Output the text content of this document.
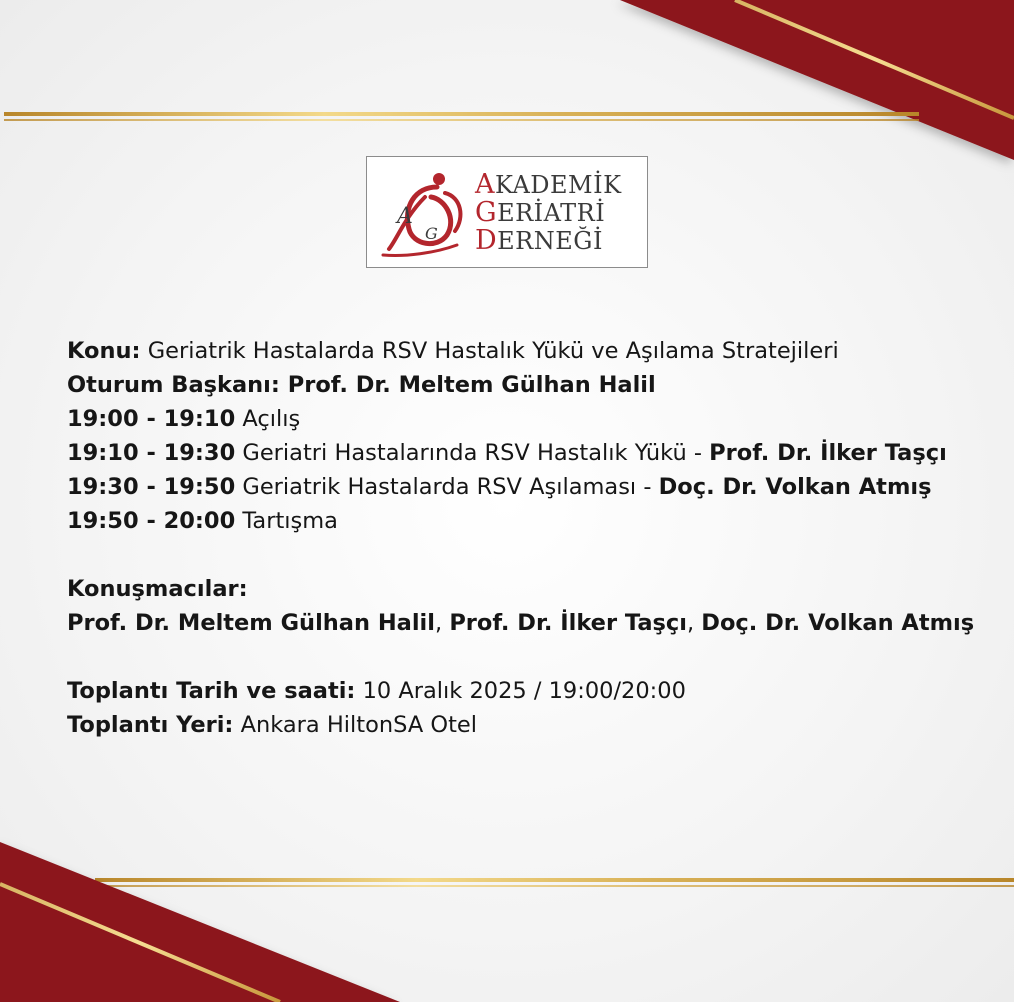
A
G
AKADEMİK
GERİATRİ
DERNEĞİ
Konu: Geriatrik Hastalarda RSV Hastalık Yükü ve Aşılama Stratejileri
Oturum Başkanı: Prof. Dr. Meltem Gülhan Halil
19:00 - 19:10 Açılış
19:10 - 19:30 Geriatri Hastalarında RSV Hastalık Yükü - Prof. Dr. İlker Taşçı
19:30 - 19:50 Geriatrik Hastalarda RSV Aşılaması - Doç. Dr. Volkan Atmış
19:50 - 20:00 Tartışma
Konuşmacılar:
Prof. Dr. Meltem Gülhan Halil, Prof. Dr. İlker Taşçı, Doç. Dr. Volkan Atmış
Toplantı Tarih ve saati: 10 Aralık 2025 / 19:00/20:00
Toplantı Yeri: Ankara HiltonSA Otel
